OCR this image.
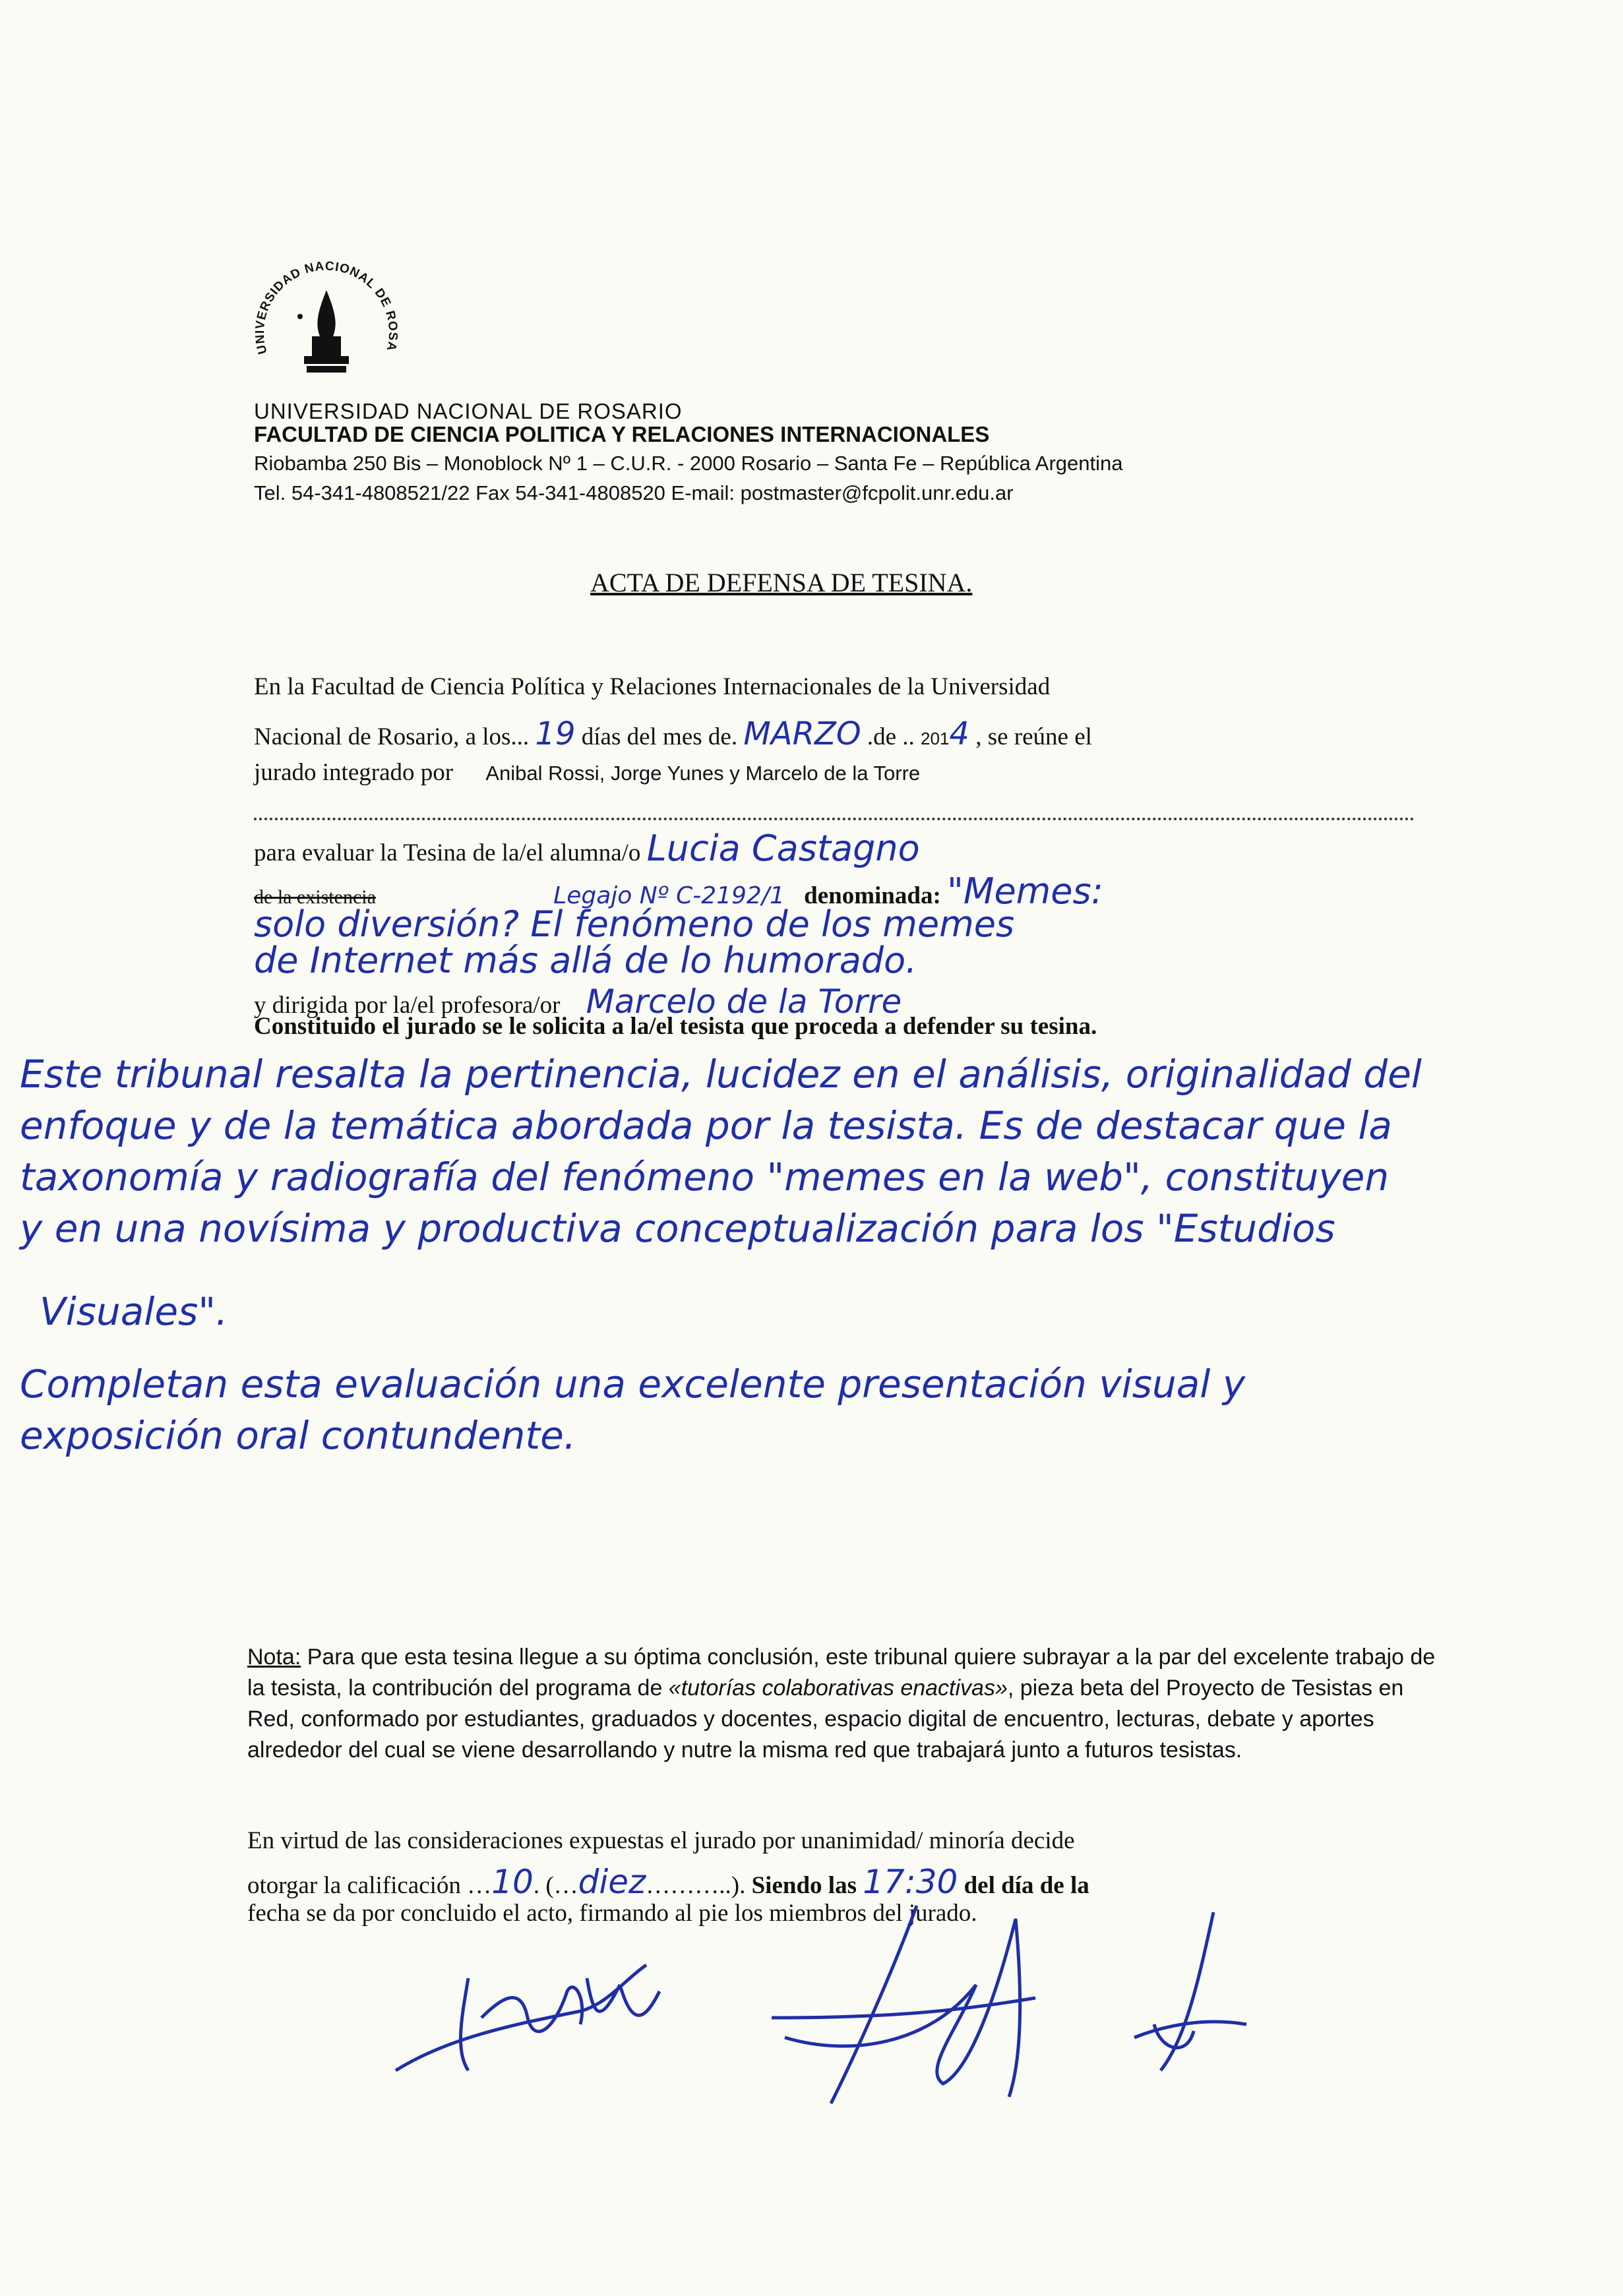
UNIVERSIDAD NACIONAL DE ROSA
UNIVERSIDAD NACIONAL DE ROSARIO
FACULTAD DE CIENCIA POLITICA Y RELACIONES INTERNACIONALES
Riobamba 250 Bis – Monoblock Nº 1 – C.U.R. - 2000 Rosario – Santa Fe – República Argentina
Tel. 54-341-4808521/22 Fax 54-341-4808520 E-mail: postmaster@fcpolit.unr.edu.ar
ACTA DE DEFENSA DE TESINA.
En la Facultad de Ciencia Política y Relaciones Internacionales de la Universidad
Nacional de Rosario, a los... 19 días del mes de. MARZO .de .. 2014 , se reúne el
jurado integrado por Anibal Rossi, Jorge Yunes y Marcelo de la Torre
para evaluar la Tesina de la/el alumna/o Lucia Castagno
de la existencia	Legajo Nº C-2192/1 denominada: "Memes:
solo diversión? El fenómeno de los memes
de Internet más allá de lo humorado.
y dirigida por la/el profesora/or Marcelo de la Torre
Constituido el jurado se le solicita a la/el tesista que proceda a defender su tesina.
Este tribunal resalta la pertinencia, lucidez en el análisis, originalidad del
enfoque y de la temática abordada por la tesista. Es de destacar que la
taxonomía y radiografía del fenómeno "memes en la web", constituyen
y en una novísima y productiva conceptualización para los "Estudios
Visuales".
Completan esta evaluación una excelente presentación visual y
exposición oral contundente.
Nota: Para que esta tesina llegue a su óptima conclusión, este tribunal quiere subrayar a la par del excelente trabajo de la tesista, la contribución del programa de «tutorías colaborativas enactivas», pieza beta del Proyecto de Tesistas en Red, conformado por estudiantes, graduados y docentes, espacio digital de encuentro, lecturas, debate y aportes alrededor del cual se viene desarrollando y nutre la misma red que trabajará junto a futuros tesistas.
En virtud de las consideraciones expuestas el jurado por unanimidad/ minoría decide
otorgar la calificación …10. (…diez………..). Siendo las 17:30 del día de la
fecha se da por concluido el acto, firmando al pie los miembros del jurado.
